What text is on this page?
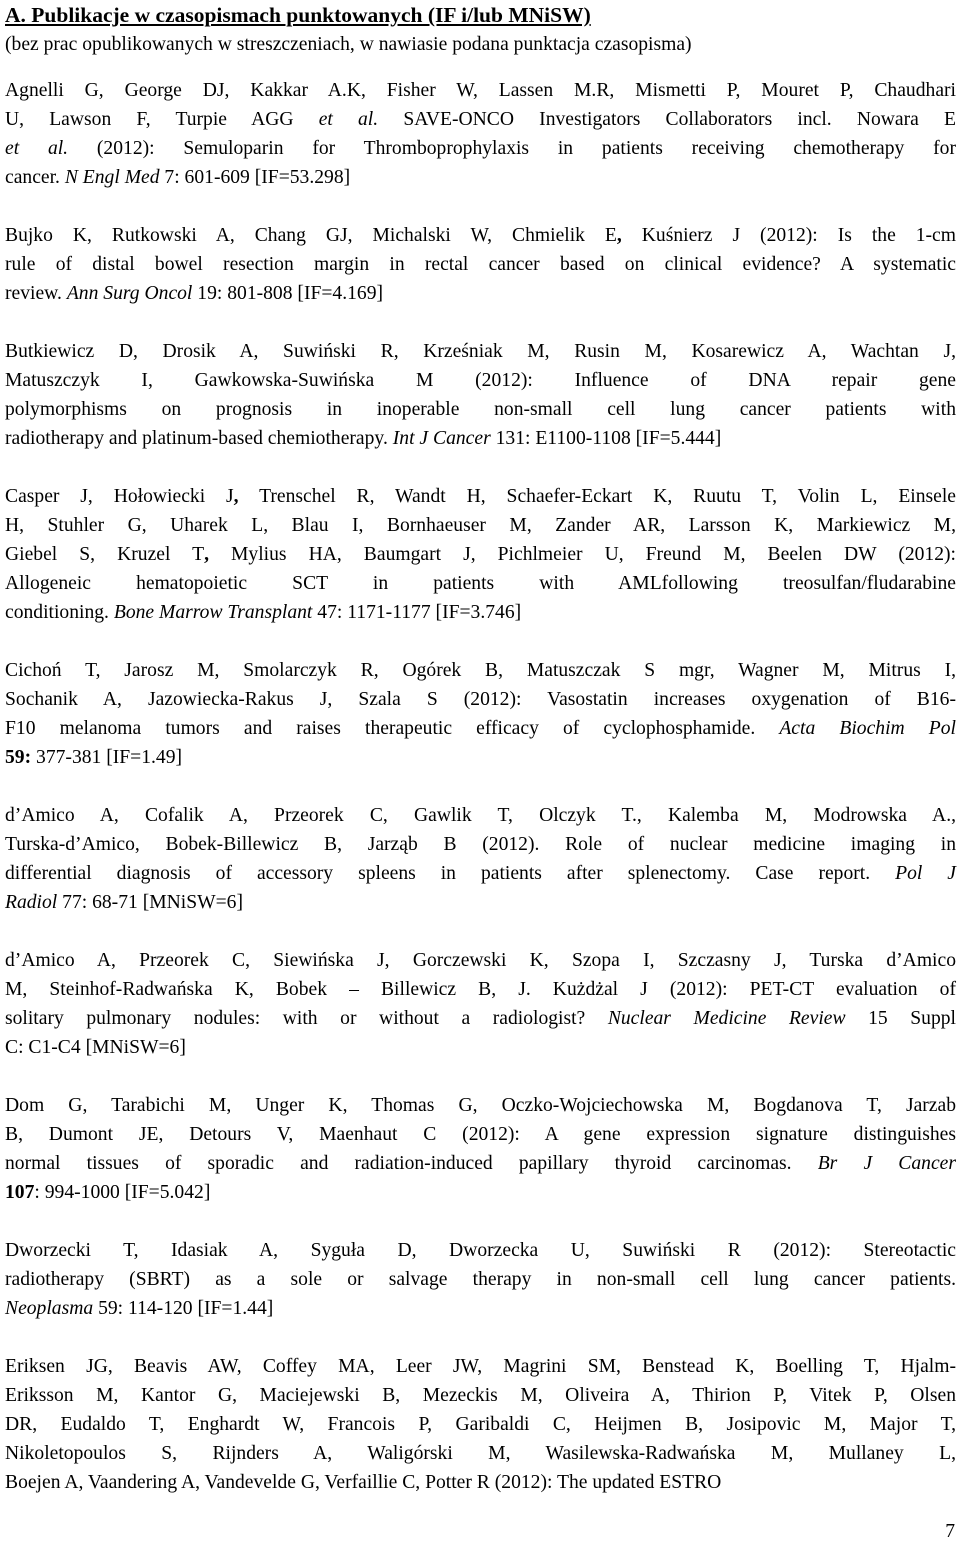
A. Publikacje w czasopismach punktowanych (IF i/lub MNiSW)

(bez prac opublikowanych w streszczeniach, w nawiasie podana punktacja czasopisma)

Agnelli G, George DJ, Kakkar A.K, Fisher W, Lassen M.R, Mismetti P, Mouret P, Chaudhari
U, Lawson F, Turpie AGG et al. SAVE-ONCO Investigators Collaborators incl. Nowara E
et al. (2012): Semuloparin for Thromboprophylaxis in patients receiving chemotherapy for
cancer. N Engl Med 7: 601-609 [IF=53.298]
Bujko K, Rutkowski A, Chang GJ, Michalski W, Chmielik E, Kuśnierz J (2012): Is the 1-cm
rule of distal bowel resection margin in rectal cancer based on clinical evidence? A systematic
review. Ann Surg Oncol 19: 801-808 [IF=4.169]
Butkiewicz D, Drosik A, Suwiński R, Krześniak M, Rusin M, Kosarewicz A, Wachtan J,
Matuszczyk I, Gawkowska-Suwińska M (2012): Influence of DNA repair gene
polymorphisms on prognosis in inoperable non-small cell lung cancer patients with
radiotherapy and platinum-based chemiotherapy. Int J Cancer 131: E1100-1108 [IF=5.444]
Casper J, Hołowiecki J, Trenschel R, Wandt H, Schaefer-Eckart K, Ruutu T, Volin L, Einsele
H, Stuhler G, Uharek L, Blau I, Bornhaeuser M, Zander AR, Larsson K, Markiewicz M,
Giebel S, Kruzel T, Mylius HA, Baumgart J, Pichlmeier U, Freund M, Beelen DW (2012):
Allogeneic hematopoietic SCT in patients with AMLfollowing treosulfan/fludarabine
conditioning. Bone Marrow Transplant 47: 1171-1177 [IF=3.746]
Cichoń T, Jarosz M, Smolarczyk R, Ogórek B, Matuszczak S mgr, Wagner M, Mitrus I,
Sochanik A, Jazowiecka-Rakus J, Szala S (2012): Vasostatin increases oxygenation of B16-
F10 melanoma tumors and raises therapeutic efficacy of cyclophosphamide. Acta Biochim Pol
59: 377-381 [IF=1.49]
d’Amico A, Cofalik A, Przeorek C, Gawlik T, Olczyk T., Kalemba M, Modrowska A.,
Turska-d’Amico, Bobek-Billewicz B, Jarząb B (2012). Role of nuclear medicine imaging in
differential diagnosis of accessory spleens in patients after splenectomy. Case report. Pol J
Radiol 77: 68-71 [MNiSW=6]
d’Amico A, Przeorek C, Siewińska J, Gorczewski K, Szopa I, Szczasny J, Turska d’Amico
M, Steinhof-Radwańska K, Bobek – Billewicz B, J. Kużdżal J (2012): PET-CT evaluation of
solitary pulmonary nodules: with or without a radiologist? Nuclear Medicine Review 15 Suppl
C: C1-C4 [MNiSW=6]
Dom G, Tarabichi M, Unger K, Thomas G, Oczko-Wojciechowska M, Bogdanova T, Jarzab
B, Dumont JE, Detours V, Maenhaut C (2012): A gene expression signature distinguishes
normal tissues of sporadic and radiation-induced papillary thyroid carcinomas. Br J Cancer
107: 994-1000 [IF=5.042]
Dworzecki T, Idasiak A, Syguła D, Dworzecka U, Suwiński R (2012): Stereotactic
radiotherapy (SBRT) as a sole or salvage therapy in non-small cell lung cancer patients.
Neoplasma 59: 114-120 [IF=1.44]
Eriksen JG, Beavis AW, Coffey MA, Leer JW, Magrini SM, Benstead K, Boelling T, Hjalm-
Eriksson M, Kantor G, Maciejewski B, Mezeckis M, Oliveira A, Thirion P, Vitek P, Olsen
DR, Eudaldo T, Enghardt W, Francois P, Garibaldi C, Heijmen B, Josipovic M, Major T,
Nikoletopoulos S, Rijnders A, Waligórski M, Wasilewska-Radwańska M, Mullaney L,
Boejen A, Vaandering A, Vandevelde G, Verfaillie C, Potter R (2012): The updated ESTRO
7
